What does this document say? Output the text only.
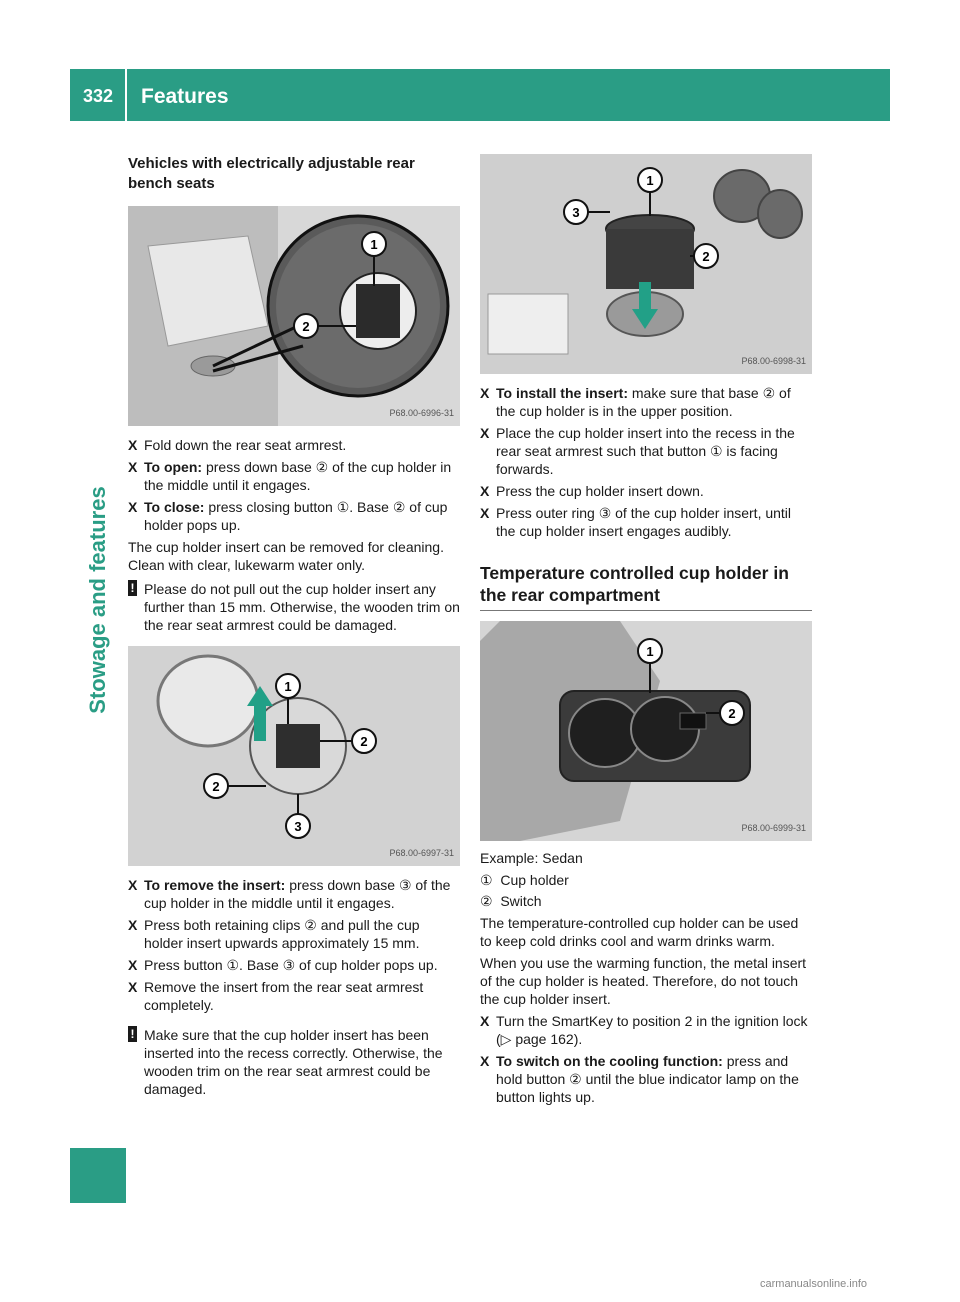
332 Features
Stowage and features
Vehicles with electrically adjustable rear bench seats
1
2
P68.00-6996-31
X Fold down the rear seat armrest.
X To open: press down base ② of the cup holder in the middle until it engages.
X To close: press closing button ①. Base ② of cup holder pops up.
The cup holder insert can be removed for cleaning. Clean with clear, lukewarm water only.
! Please do not pull out the cup holder insert any further than 15 mm. Otherwise, the wooden trim on the rear seat armrest could be damaged.
1
2
2
3
P68.00-6997-31
X To remove the insert: press down base ③ of the cup holder in the middle until it engages.
X Press both retaining clips ② and pull the cup holder insert upwards approximately 15 mm.
X Press button ①. Base ③ of cup holder pops up.
X Remove the insert from the rear seat armrest completely.
! Make sure that the cup holder insert has been inserted into the recess correctly. Otherwise, the wooden trim on the rear seat armrest could be damaged.
1
3
2
P68.00-6998-31
X To install the insert: make sure that base ② of the cup holder is in the upper position.
X Place the cup holder insert into the recess in the rear seat armrest such that button ① is facing forwards.
X Press the cup holder insert down.
X Press outer ring ③ of the cup holder insert, until the cup holder insert engages audibly.
Temperature controlled cup holder in the rear compartment
1
2
P68.00-6999-31
Example: Sedan
① Cup holder
② Switch
The temperature-controlled cup holder can be used to keep cold drinks cool and warm drinks warm.
When you use the warming function, the metal insert of the cup holder is heated. Therefore, do not touch the cup holder insert.
X Turn the SmartKey to position 2 in the ignition lock (▷ page 162).
X To switch on the cooling function: press and hold button ② until the blue indicator lamp on the button lights up.
carmanualsonline.info
